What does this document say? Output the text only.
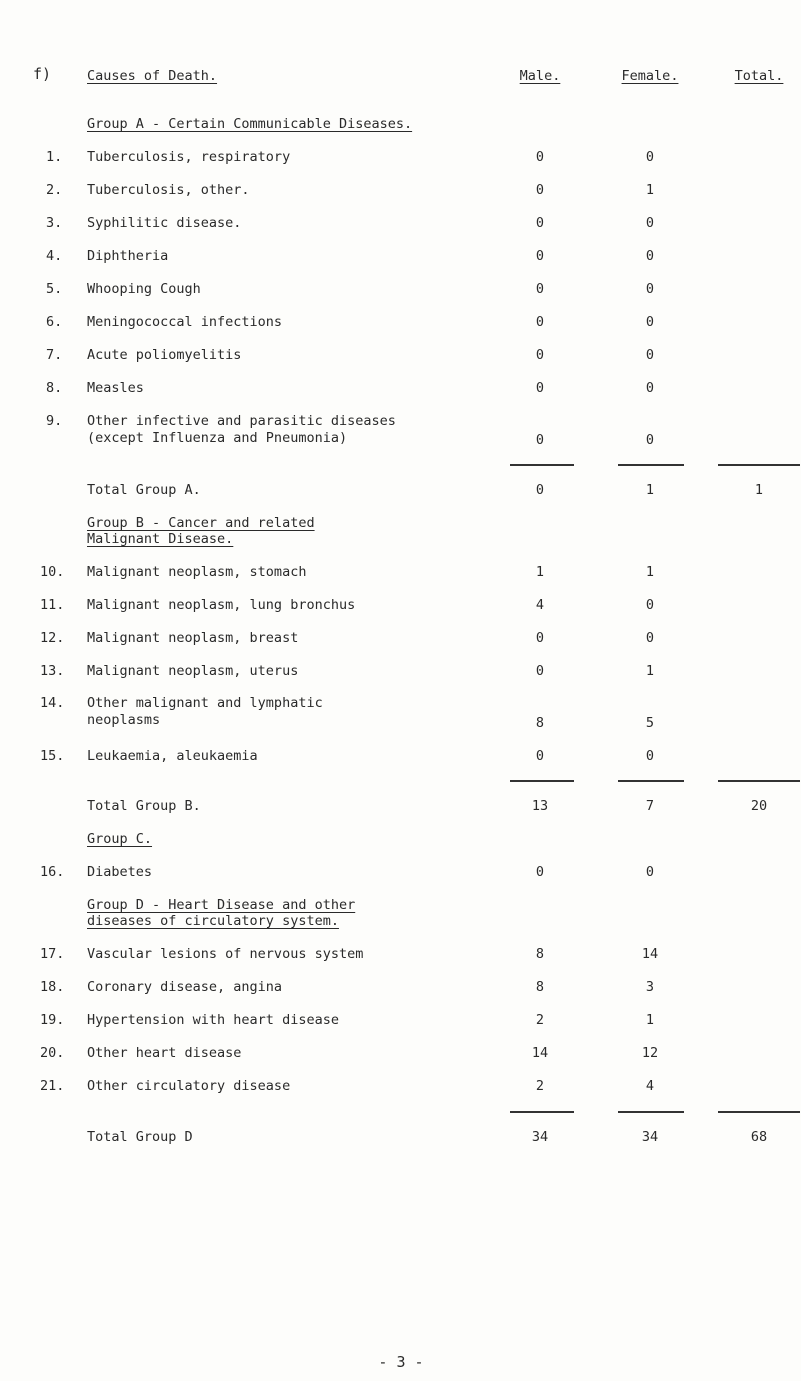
f)	Causes of Death.	Male.	Female.	Total.
Group A - Certain Communicable Diseases.
1. Tuberculosis, respiratory	0	0
2. Tuberculosis, other.	0	1
3. Syphilitic disease.	0	0
4. Diphtheria	0	0
5. Whooping Cough	0	0
6. Meningococcal infections	0	0
7. Acute poliomyelitis	0	0
8. Measles	0	0
9. Other infective and parasitic diseases
(except Influenza and Pneumonia)	0	0
Total Group A.	0	1	1
Group B - Cancer and related
Malignant Disease.
10. Malignant neoplasm, stomach	1	1
11. Malignant neoplasm, lung bronchus	4	0
12. Malignant neoplasm, breast	0	0
13. Malignant neoplasm, uterus	0	1
14. Other malignant and lymphatic
neoplasms	8	5
15. Leukaemia, aleukaemia	0	0
Total Group B.	13	7	20
Group C.
16. Diabetes	0	0
Group D - Heart Disease and other
diseases of circulatory system.
17. Vascular lesions of nervous system	8	14
18. Coronary disease, angina	8	3
19. Hypertension with heart disease	2	1
20. Other heart disease	14	12
21. Other circulatory disease	2	4
Total Group D	34	34	68
- 3 -
